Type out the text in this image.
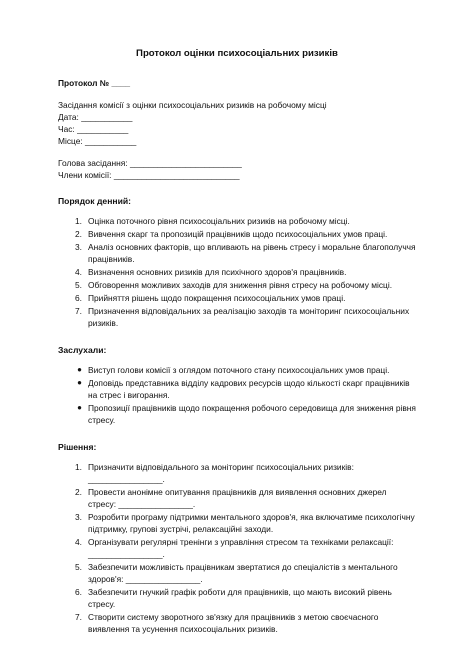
Протокол оцінки психосоціальних ризиків
Протокол № ____
Засідання комісії з оцінки психосоціальних ризиків на робочому місці
Дата: ___________
Час: ___________
Місце: ___________
Голова засідання: ________________________
Члени комісії: ___________________________
Порядок денний:
1. Оцінка поточного рівня психосоціальних ризиків на робочому місці.
2. Вивчення скарг та пропозицій працівників щодо психосоціальних умов праці.
3. Аналіз основних факторів, що впливають на рівень стресу і моральне благополуччя працівників.
4. Визначення основних ризиків для психічного здоров'я працівників.
5. Обговорення можливих заходів для зниження рівня стресу на робочому місці.
6. Прийняття рішень щодо покращення психосоціальних умов праці.
7. Призначення відповідальних за реалізацію заходів та моніторинг психосоціальних ризиків.
Заслухали:
● Виступ голови комісії з оглядом поточного стану психосоціальних умов праці.
● Доповідь представника відділу кадрових ресурсів щодо кількості скарг працівників на стрес і вигорання.
● Пропозиції працівників щодо покращення робочого середовища для зниження рівня стресу.
Рішення:
1. Призначити відповідального за моніторинг психосоціальних ризиків: ________________.
2. Провести анонімне опитування працівників для виявлення основних джерел стресу: ________________.
3. Розробити програму підтримки ментального здоров'я, яка включатиме психологічну підтримку, групові зустрічі, релаксаційні заходи.
4. Організувати регулярні тренінги з управління стресом та техніками релаксації: ________________.
5. Забезпечити можливість працівникам звертатися до спеціалістів з ментального здоров'я: ________________.
6. Забезпечити гнучкий графік роботи для працівників, що мають високий рівень стресу.
7. Створити систему зворотного зв'язку для працівників з метою своєчасного виявлення та усунення психосоціальних ризиків.
